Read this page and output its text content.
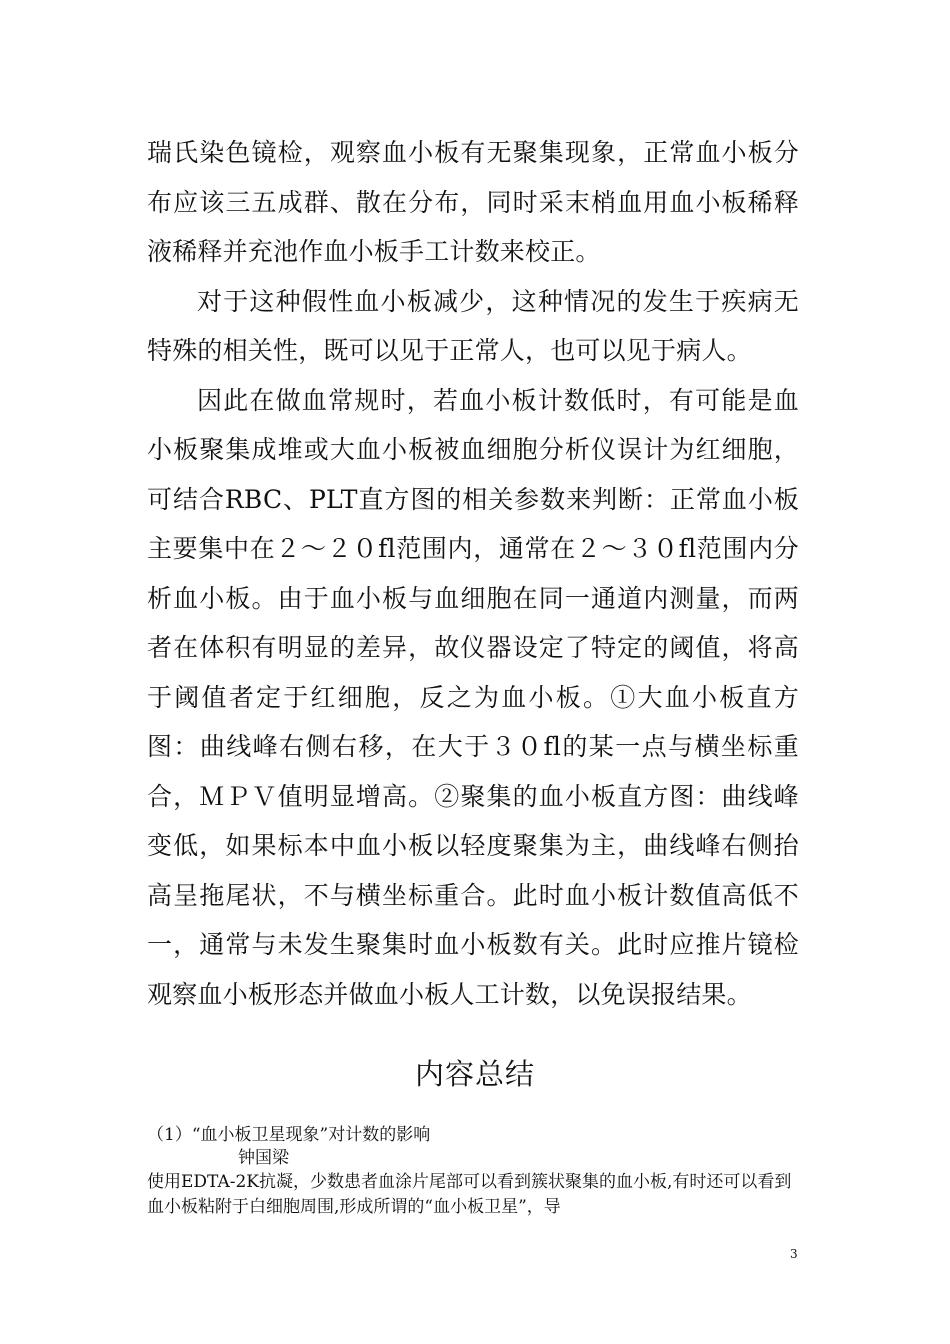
瑞氏染色镜检，观察血小板有无聚集现象，正常血小板分布应该三五成群、散在分布，同时采末梢血用血小板稀释液稀释并充池作血小板手工计数来校正。

对于这种假性血小板减少，这种情况的发生于疾病无特殊的相关性，既可以见于正常人，也可以见于病人。

因此在做血常规时，若血小板计数低时，有可能是血小板聚集成堆或大血小板被血细胞分析仪误计为红细胞，可结合RBC、PLT直方图的相关参数来判断：正常血小板主要集中在２～２０fl范围内，通常在２～３０fl范围内分析血小板。由于血小板与血细胞在同一通道内测量，而两者在体积有明显的差异，故仪器设定了特定的阈值，将高于阈值者定于红细胞，反之为血小板。①大血小板直方图：曲线峰右侧右移，在大于３０fl的某一点与横坐标重合，ＭＰＶ值明显增高。②聚集的血小板直方图：曲线峰变低，如果标本中血小板以轻度聚集为主，曲线峰右侧抬高呈拖尾状，不与横坐标重合。此时血小板计数值高低不一，通常与未发生聚集时血小板数有关。此时应推片镜检观察血小板形态并做血小板人工计数，以免误报结果。

内容总结
（1）“血小板卫星现象”对计数的影响
钟国梁

使用EDTA-2K抗凝，少数患者血涂片尾部可以看到簇状聚集的血小板,有时还可以看到血小板粘附于白细胞周围,形成所谓的“血小板卫星”，导

3
